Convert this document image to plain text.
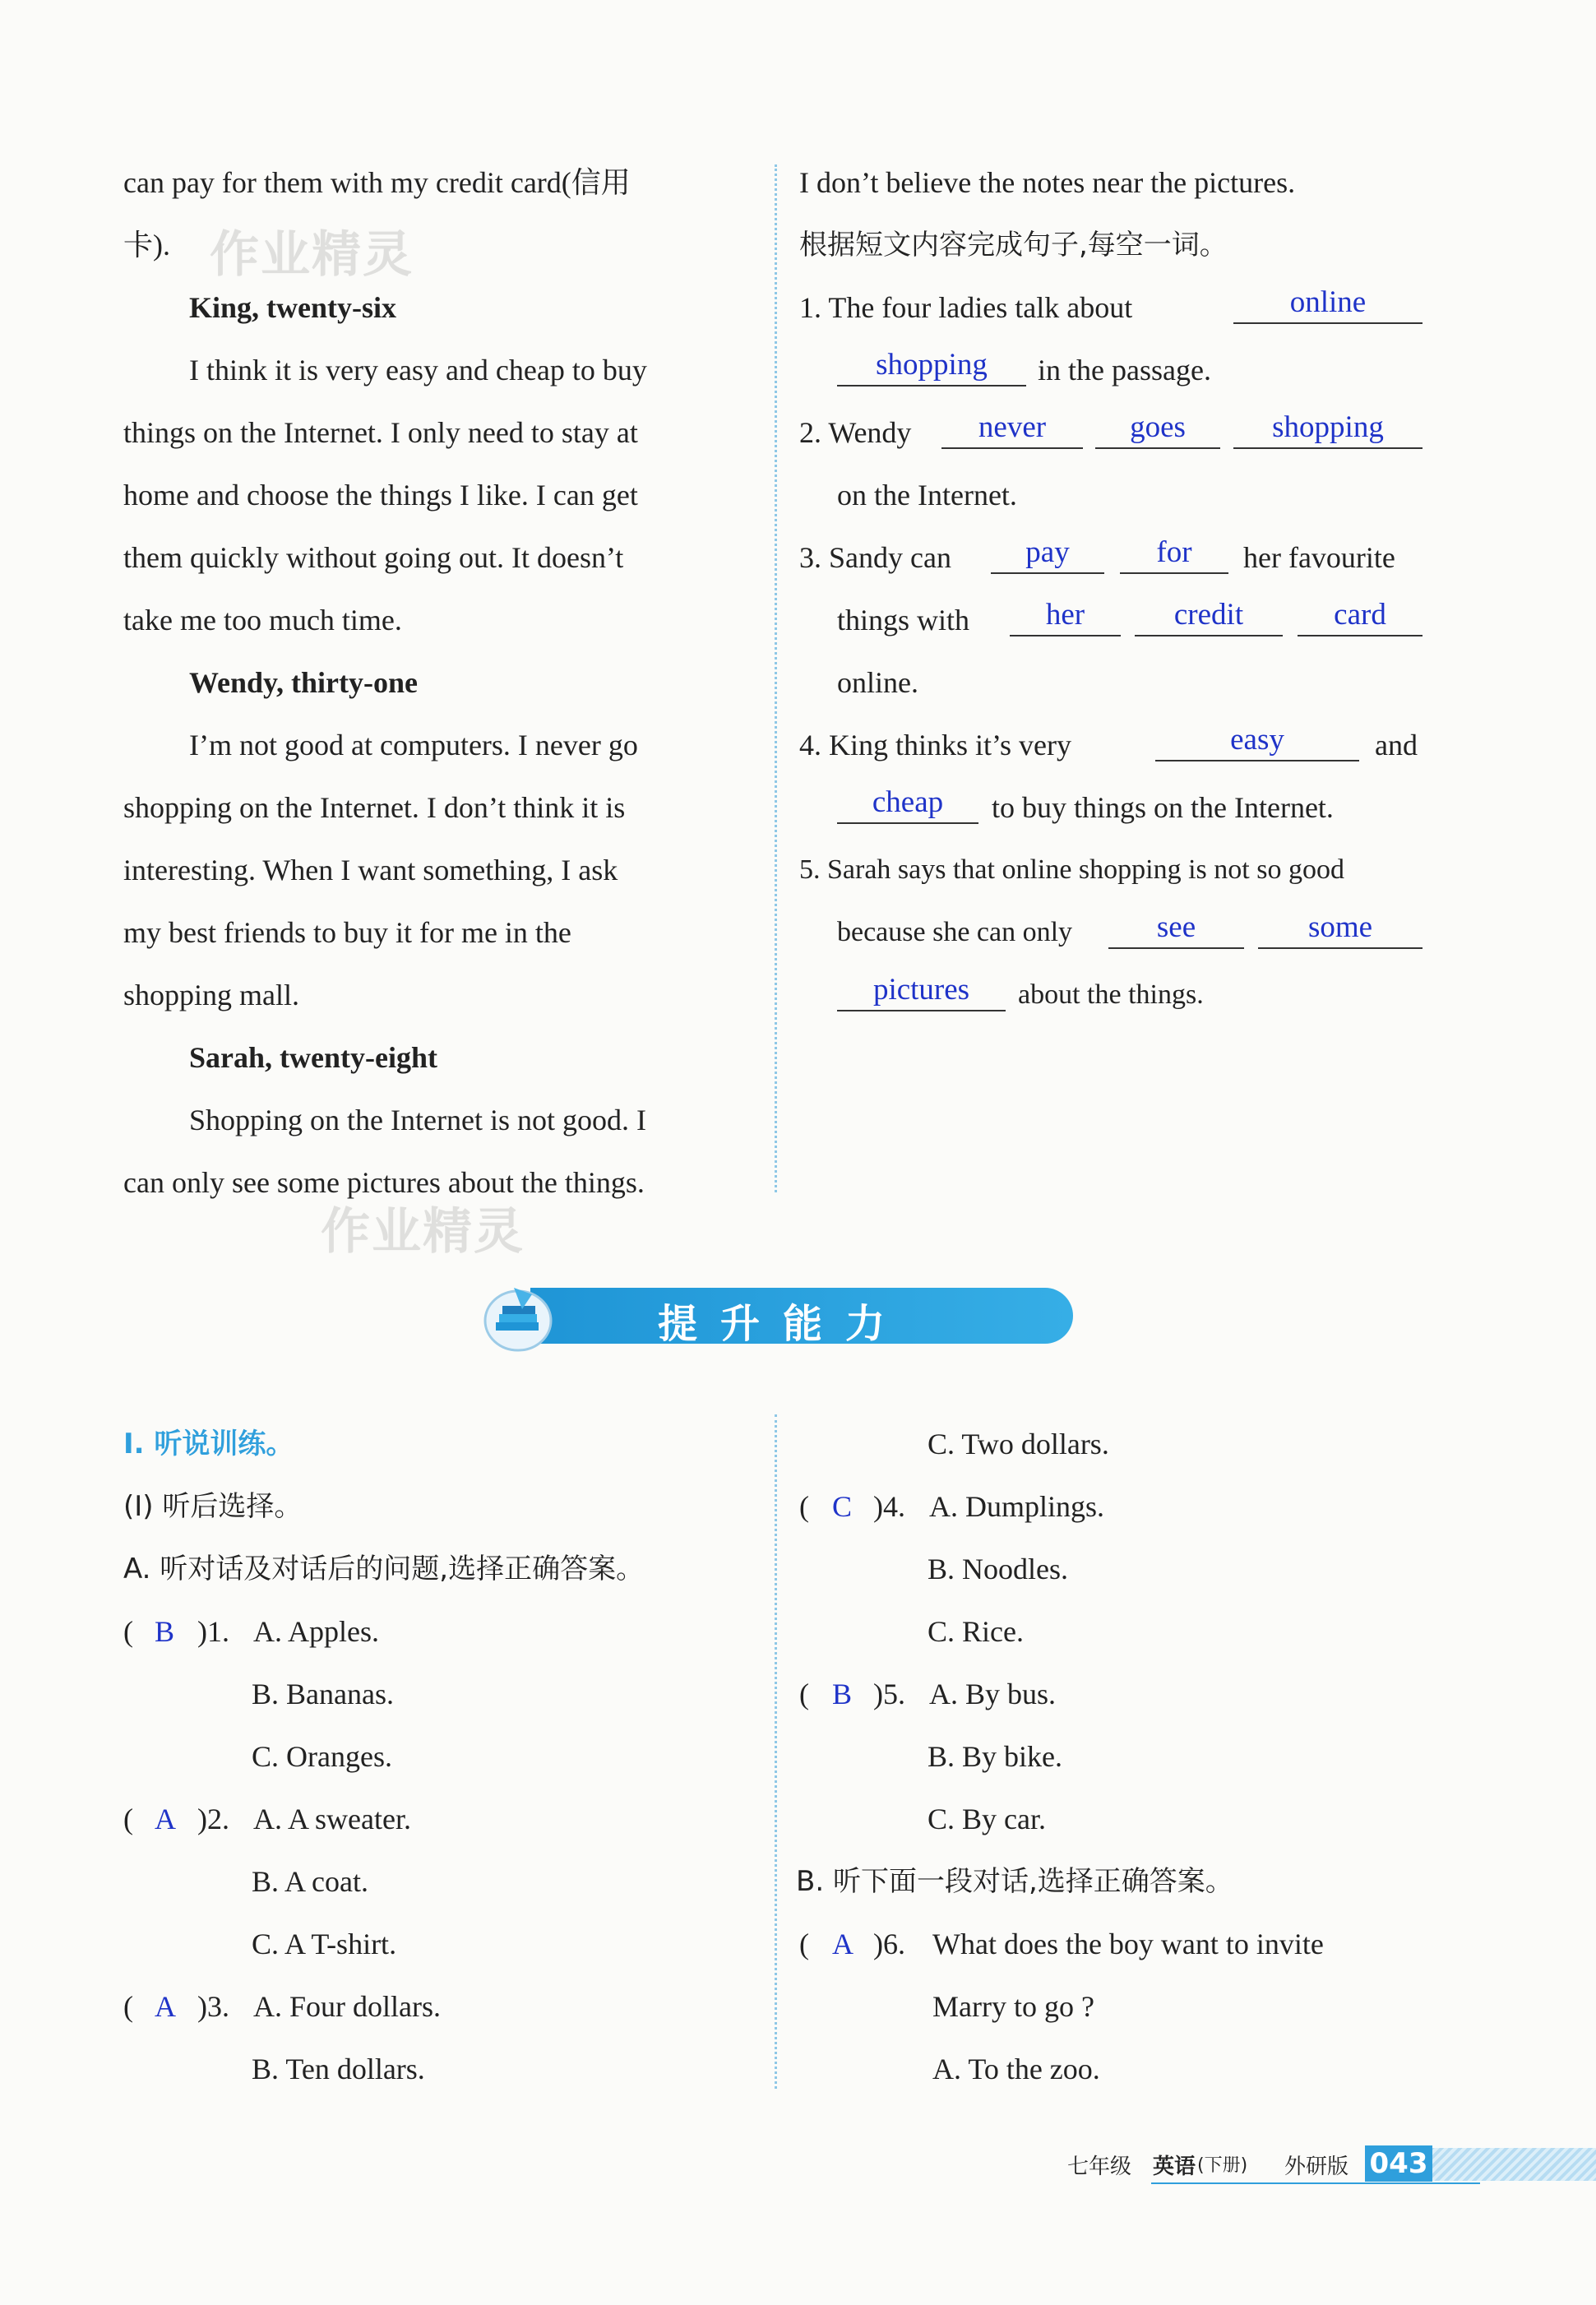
作业精灵
作业精灵
can pay for them with my credit card(信用
卡).
King, twenty-six
I think it is very easy and cheap to buy
things on the Internet. I only need to stay at
home and choose the things I like. I can get
them quickly without going out. It doesn’t
take me too much time.
Wendy, thirty-one
I’m not good at computers. I never go
shopping on the Internet. I don’t think it is
interesting. When I want something, I ask
my best friends to buy it for me in the
shopping mall.
Sarah, twenty-eight
Shopping on the Internet is not good. I
can only see some pictures about the things.
I don’t believe the notes near the pictures.
根据短文内容完成句子,每空一词。
1. The four ladies talk about	online
shopping	in the passage.
2. Wendy	never	goes	shopping
on the Internet.
3. Sandy can	pay	for	her favourite
things with	her	credit	card
online.
4. King thinks it’s very	easy	and
cheap	to buy things on the Internet.
5. Sarah says that online shopping is not so good
because she can only	see	some
pictures	about the things.
提升能力
Ⅰ. 听说训练。
(Ⅰ) 听后选择。
A. 听对话及对话后的问题,选择正确答案。
( B )1. A. Apples.
B. Bananas.
C. Oranges.
( A )2. A. A sweater.
B. A coat.
C. A T-shirt.
( A )3. A. Four dollars.
B. Ten dollars.
C. Two dollars.
( C )4. A. Dumplings.
B. Noodles.
C. Rice.
( B )5. A. By bus.
B. By bike.
C. By car.
B. 听下面一段对话,选择正确答案。
( A )6. What does the boy want to invite
Marry to go ?
A. To the zoo.
七年级 英语 (下册) 外研版 043
